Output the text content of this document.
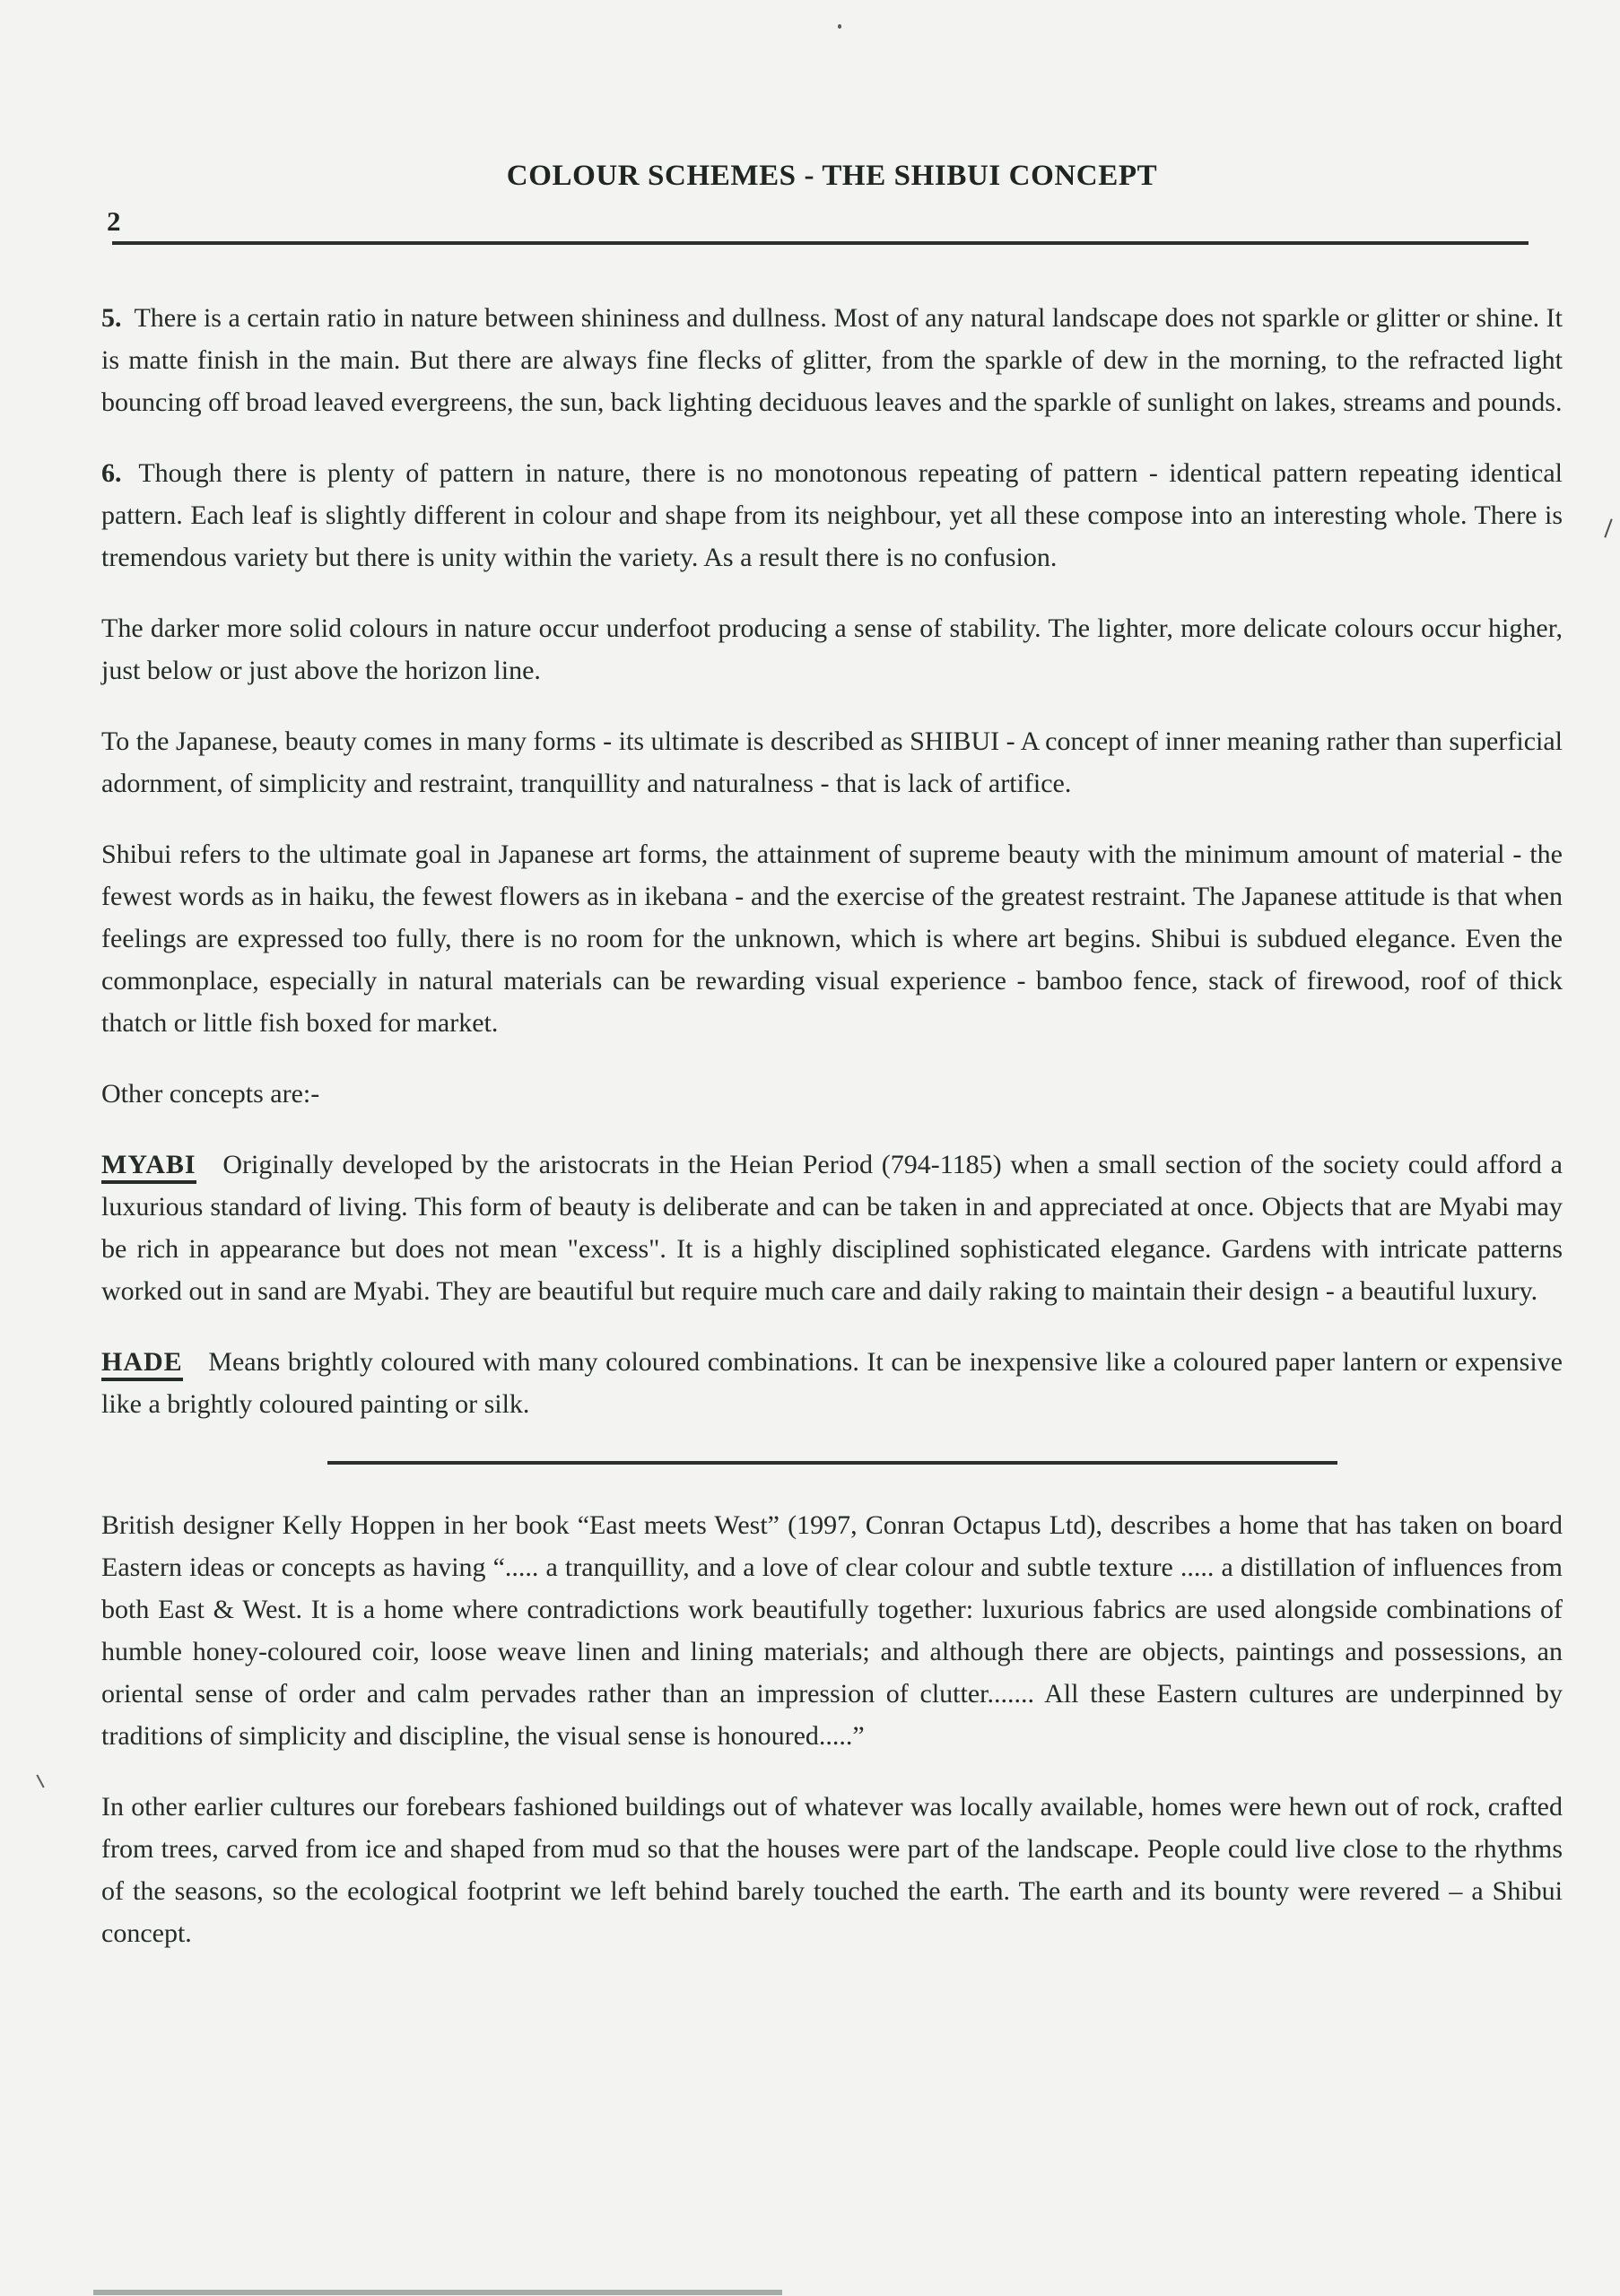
COLOUR SCHEMES - THE SHIBUI CONCEPT
2

5. There is a certain ratio in nature between shininess and dullness. Most of any natural landscape does not sparkle or glitter or shine. It is matte finish in the main. But there are always fine flecks of glitter, from the sparkle of dew in the morning, to the refracted light bouncing off broad leaved evergreens, the sun, back lighting deciduous leaves and the sparkle of sunlight on lakes, streams and pounds.

6. Though there is plenty of pattern in nature, there is no monotonous repeating of pattern - identical pattern repeating identical pattern. Each leaf is slightly different in colour and shape from its neighbour, yet all these compose into an interesting whole. There is tremendous variety but there is unity within the variety. As a result there is no confusion.

The darker more solid colours in nature occur underfoot producing a sense of stability. The lighter, more delicate colours occur higher, just below or just above the horizon line.

To the Japanese, beauty comes in many forms - its ultimate is described as SHIBUI - A concept of inner meaning rather than superficial adornment, of simplicity and restraint, tranquillity and naturalness - that is lack of artifice.

Shibui refers to the ultimate goal in Japanese art forms, the attainment of supreme beauty with the minimum amount of material - the fewest words as in haiku, the fewest flowers as in ikebana - and the exercise of the greatest restraint. The Japanese attitude is that when feelings are expressed too fully, there is no room for the unknown, which is where art begins. Shibui is subdued elegance. Even the commonplace, especially in natural materials can be rewarding visual experience - bamboo fence, stack of firewood, roof of thick thatch or little fish boxed for market.

Other concepts are:-

MYABI Originally developed by the aristocrats in the Heian Period (794-1185) when a small section of the society could afford a luxurious standard of living. This form of beauty is deliberate and can be taken in and appreciated at once. Objects that are Myabi may be rich in appearance but does not mean "excess". It is a highly disciplined sophisticated elegance. Gardens with intricate patterns worked out in sand are Myabi. They are beautiful but require much care and daily raking to maintain their design - a beautiful luxury.

HADE Means brightly coloured with many coloured combinations. It can be inexpensive like a coloured paper lantern or expensive like a brightly coloured painting or silk.

British designer Kelly Hoppen in her book “East meets West” (1997, Conran Octapus Ltd), describes a home that has taken on board Eastern ideas or concepts as having “..... a tranquillity, and a love of clear colour and subtle texture ..... a distillation of influences from both East & West. It is a home where contradictions work beautifully together: luxurious fabrics are used alongside combinations of humble honey-coloured coir, loose weave linen and lining materials; and although there are objects, paintings and possessions, an oriental sense of order and calm pervades rather than an impression of clutter....... All these Eastern cultures are underpinned by traditions of simplicity and discipline, the visual sense is honoured.....”

In other earlier cultures our forebears fashioned buildings out of whatever was locally available, homes were hewn out of rock, crafted from trees, carved from ice and shaped from mud so that the houses were part of the landscape. People could live close to the rhythms of the seasons, so the ecological footprint we left behind barely touched the earth. The earth and its bounty were revered – a Shibui concept.
